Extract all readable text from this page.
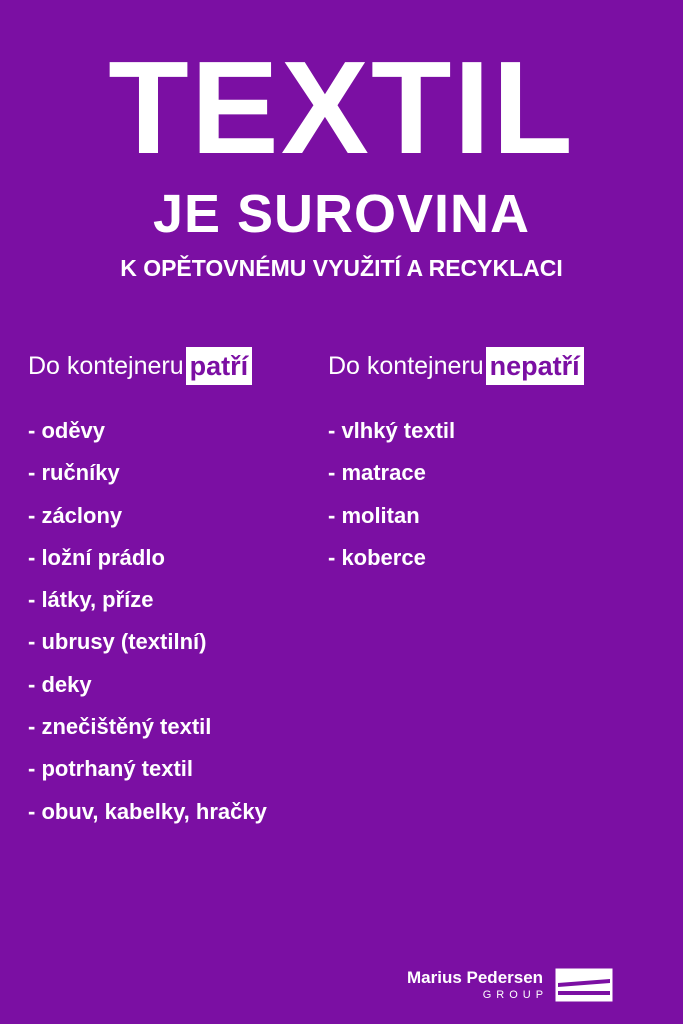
TEXTIL
JE SUROVINA
K OPĚTOVNÉMU VYUŽITÍ A RECYKLACI
Do kontejneru patří
- oděvy
- ručníky
- záclony
- ložní prádlo
- látky, příze
- ubrusy (textilní)
- deky
- znečištěný textil
- potrhaný textil
- obuv, kabelky, hračky
Do kontejneru nepatří
- vlhký textil
- matrace
- molitan
- koberce
Marius Pedersen
GROUP
